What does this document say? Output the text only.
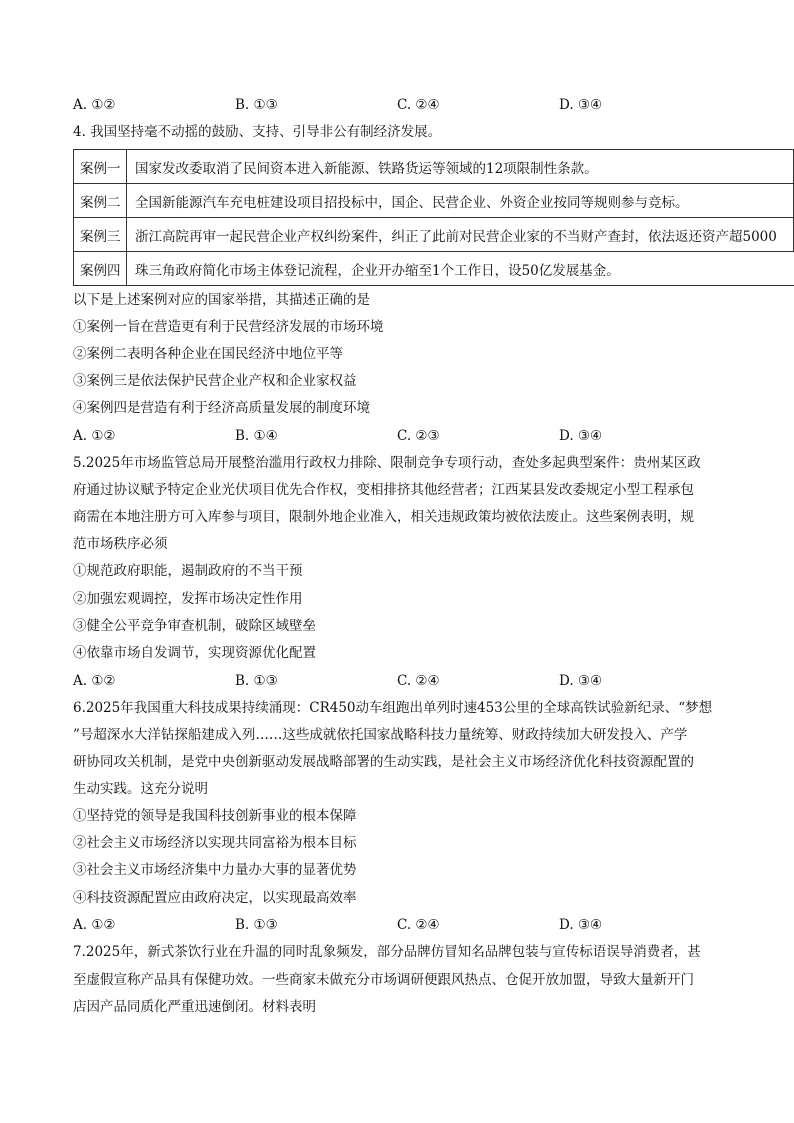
A. ①②	B. ①③	C. ②④	D. ③④
4. 我国坚持毫不动摇的鼓励、支持、引导非公有制经济发展。
案例一	国家发改委取消了民间资本进入新能源、铁路货运等领域的12项限制性条款。
案例二	全国新能源汽车充电桩建设项目招投标中，国企、民营企业、外资企业按同等规则参与竞标。
案例三	浙江高院再审一起民营企业产权纠纷案件，纠正了此前对民营企业家的不当财产查封，依法返还资产超5000
案例四	珠三角政府简化市场主体登记流程，企业开办缩至1个工作日，设50亿发展基金。
以下是上述案例对应的国家举措，其描述正确的是
①案例一旨在营造更有利于民营经济发展的市场环境
②案例二表明各种企业在国民经济中地位平等
③案例三是依法保护民营企业产权和企业家权益
④案例四是营造有利于经济高质量发展的制度环境
A. ①②	B. ①④	C. ②③	D. ③④
5.2025年市场监管总局开展整治滥用行政权力排除、限制竞争专项行动，查处多起典型案件：贵州某区政
府通过协议赋予特定企业光伏项目优先合作权，变相排挤其他经营者；江西某县发改委规定小型工程承包
商需在本地注册方可入库参与项目，限制外地企业准入，相关违规政策均被依法废止。这些案例表明，规
范市场秩序必须
①规范政府职能，遏制政府的不当干预
②加强宏观调控，发挥市场决定性作用
③健全公平竞争审查机制，破除区域壁垒
④依靠市场自发调节，实现资源优化配置
A. ①②	B. ①③	C. ②④	D. ③④
6.2025年我国重大科技成果持续涌现：CR450动车组跑出单列时速453公里的全球高铁试验新纪录、“梦想
”号超深水大洋钻探船建成入列……这些成就依托国家战略科技力量统筹、财政持续加大研发投入、产学
研协同攻关机制，是党中央创新驱动发展战略部署的生动实践，是社会主义市场经济优化科技资源配置的
生动实践。这充分说明
①坚持党的领导是我国科技创新事业的根本保障
②社会主义市场经济以实现共同富裕为根本目标
③社会主义市场经济集中力量办大事的显著优势
④科技资源配置应由政府决定，以实现最高效率
A. ①②	B. ①③	C. ②④	D. ③④
7.2025年，新式茶饮行业在升温的同时乱象频发，部分品牌仿冒知名品牌包装与宣传标语误导消费者，甚
至虚假宣称产品具有保健功效。一些商家未做充分市场调研便跟风热点、仓促开放加盟，导致大量新开门
店因产品同质化严重迅速倒闭。材料表明
